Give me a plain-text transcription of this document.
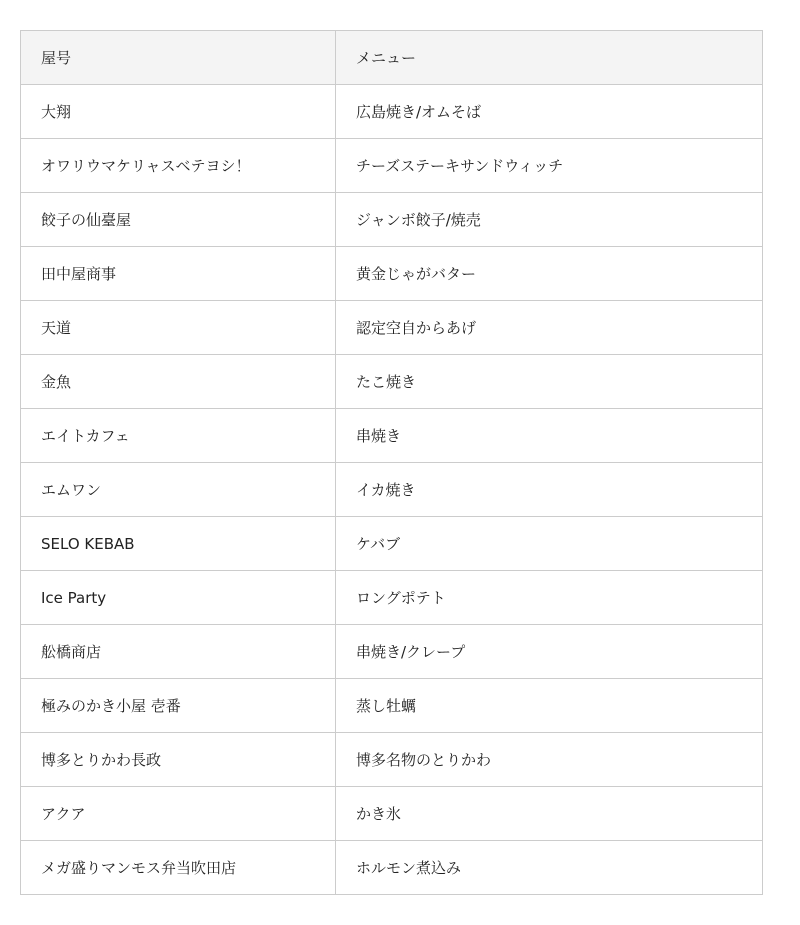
屋号	メニュー
大翔	広島焼き/オムそば
オワリウマケリャスベテヨシ！	チーズステーキサンドウィッチ
餃子の仙臺屋	ジャンボ餃子/焼売
田中屋商事	黄金じゃがバター
天道	認定空自からあげ
金魚	たこ焼き
エイトカフェ	串焼き
エムワン	イカ焼き
SELO KEBAB	ケバブ
Ice Party	ロングポテト
舩橋商店	串焼き/クレープ
極みのかき小屋 壱番	蒸し牡蠣
博多とりかわ長政	博多名物のとりかわ
アクア	かき氷
メガ盛りマンモス弁当吹田店	ホルモン煮込み
